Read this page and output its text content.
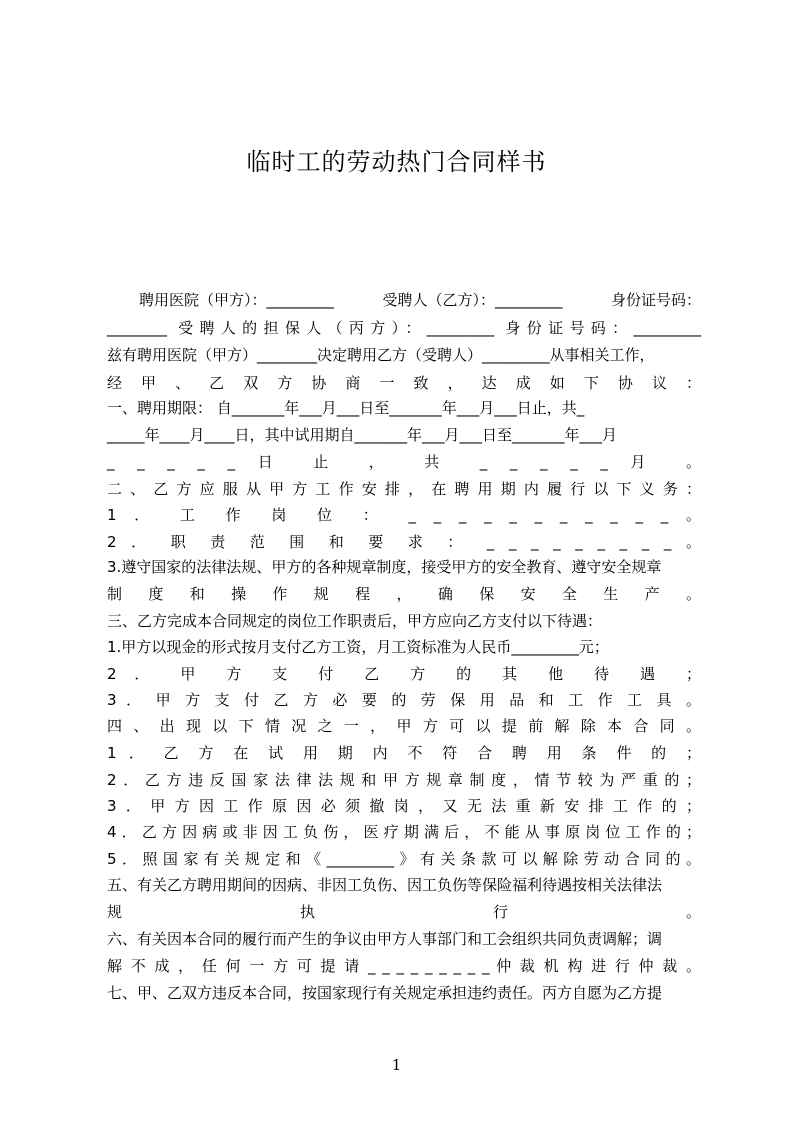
临时工的劳动热门合同样书
聘用医院（甲方）：_________	受聘人（乙方）：_________	身份证号码：
________ 受聘人的担保人（丙方）：_________ 身份证号码：_________
兹有聘用医院（甲方）________决定聘用乙方（受聘人）_________从事相关工作，
经 甲 、 乙 双 方 协 商 一 致 ， 达 成 如 下 协 议 ：
一、聘用期限： 自_______年___月___日至_______年___月___日止，共_
_____年____月____日，其中试用期自_______年___月___日至_______年___月
_ _ _ _ _ 日 止 ， 共 _ _ _ _ _ 月 。
二 、 乙 方 应 服 从 甲 方 工 作 安 排 ， 在 聘 用 期 内 履 行 以 下 义 务 ：
1 ． 工 作 岗 位 ： _ _ _ _ _ _ _ _ _ _ _ 。
2 ． 职 责 范 围 和 要 求 ： _ _ _ _ _ _ _ _ _ 。
3.遵守国家的法律法规、甲方的各种规章制度，接受甲方的安全教育、遵守安全规章
制 度 和 操 作 规 程 ， 确 保 安 全 生 产 。
三、乙方完成本合同规定的岗位工作职责后，甲方应向乙方支付以下待遇：
1.甲方以现金的形式按月支付乙方工资，月工资标准为人民币_________元；
2 ． 甲 方 支 付 乙 方 的 其 他 待 遇 ；
3 ． 甲 方 支 付 乙 方 必 要 的 劳 保 用 品 和 工 作 工 具 。
四 、 出 现 以 下 情 况 之 一 ， 甲 方 可 以 提 前 解 除 本 合 同 。
1 ． 乙 方 在 试 用 期 内 不 符 合 聘 用 条 件 的 ；
2．乙方违反国家法律法规和甲方规章制度，情节较为严重的；
3．甲方因工作原因必须撤岗，又无法重新安排工作的；
4．乙方因病或非因工负伤，医疗期满后，不能从事原岗位工作的；
5．照国家有关规定和《_________》有关条款可以解除劳动合同的。
五、有关乙方聘用期间的因病、非因工负伤、因工负伤等保险福利待遇按相关法律法
规 执 行 。
六、有关因本合同的履行而产生的争议由甲方人事部门和工会组织共同负责调解；调
解 不 成 ， 任 何 一 方 可 提 请 _ _ _ _ _ _ _ _ _ 仲 裁 机 构 进 行 仲 裁 。
七、甲、乙双方违反本合同，按国家现行有关规定承担违约责任。丙方自愿为乙方提
1
